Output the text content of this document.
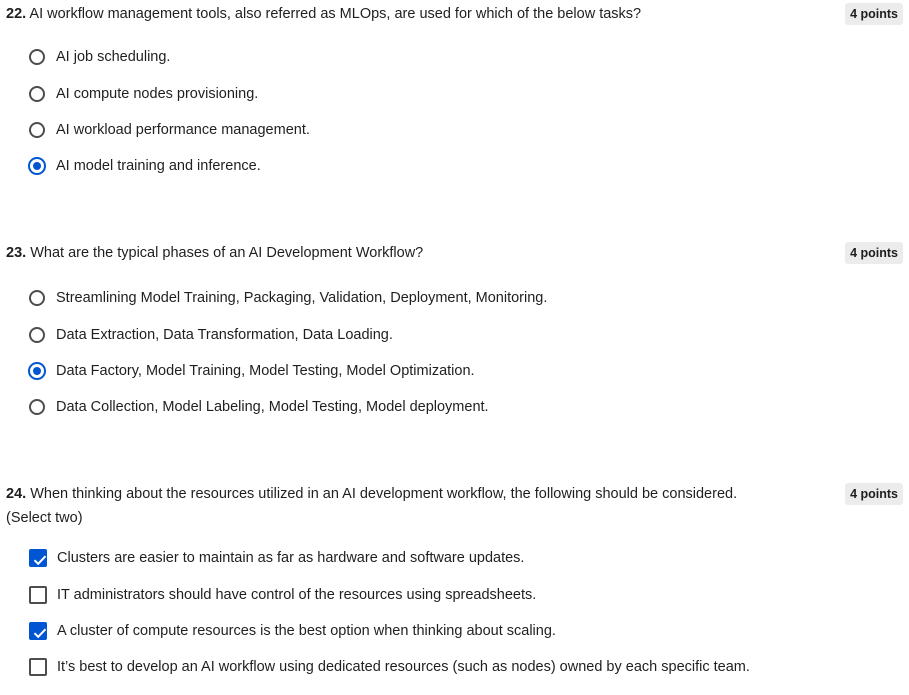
22. AI workflow management tools, also referred as MLOps, are used for which of the below tasks?	4 points
AI job scheduling.
AI compute nodes provisioning.
AI workload performance management.
AI model training and inference.
23. What are the typical phases of an AI Development Workflow?	4 points
Streamlining Model Training, Packaging, Validation, Deployment, Monitoring.
Data Extraction, Data Transformation, Data Loading.
Data Factory, Model Training, Model Testing, Model Optimization.
Data Collection, Model Labeling, Model Testing, Model deployment.
24. When thinking about the resources utilized in an AI development workflow, the following should be considered.
(Select two)
4 points
Clusters are easier to maintain as far as hardware and software updates.
IT administrators should have control of the resources using spreadsheets.
A cluster of compute resources is the best option when thinking about scaling.
It’s best to develop an AI workflow using dedicated resources (such as nodes) owned by each specific team.
